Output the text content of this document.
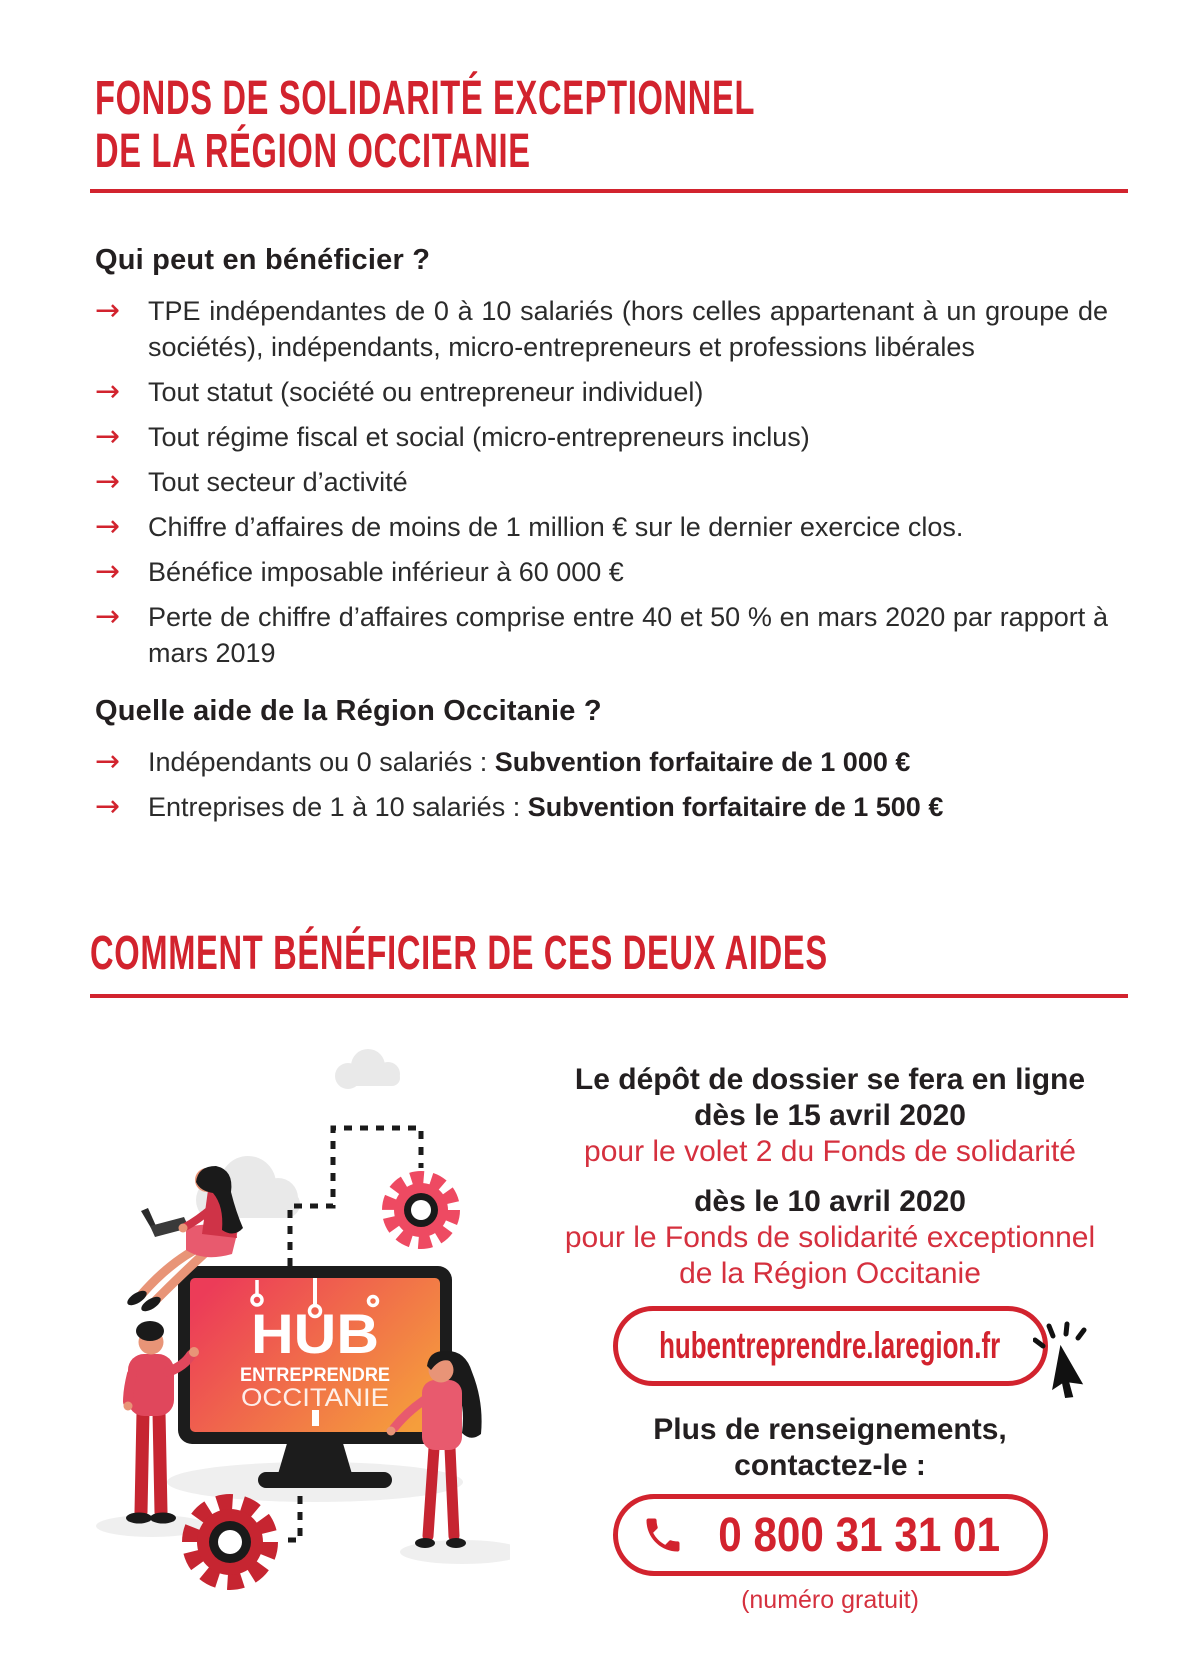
FONDS DE SOLIDARITÉ EXCEPTIONNEL
DE LA RÉGION OCCITANIE
Qui peut en bénéficier ?
→	TPE indépendantes de 0 à 10 salariés (hors celles appartenant à un groupe de sociétés), indépendants, micro-entrepreneurs et professions libérales
→	Tout statut (société ou entrepreneur individuel)
→	Tout régime fiscal et social (micro-entrepreneurs inclus)
→	Tout secteur d’activité
→	Chiffre d’affaires de moins de 1 million € sur le dernier exercice clos.
→	Bénéfice imposable inférieur à 60 000 €
→	Perte de chiffre d’affaires comprise entre 40 et 50 % en mars 2020 par rapport à mars 2019
Quelle aide de la Région Occitanie ?
→	Indépendants ou 0 salariés : Subvention forfaitaire de 1 000 €
→	Entreprises de 1 à 10 salariés : Subvention forfaitaire de 1 500 €
COMMENT BÉNÉFICIER DE CES DEUX AIDES
HUB
ENTREPRENDRE
OCCITANIE
Le dépôt de dossier se fera en ligne
dès le 15 avril 2020
pour le volet 2 du Fonds de solidarité
dès le 10 avril 2020
pour le Fonds de solidarité exceptionnel
de la Région Occitanie
hubentreprendre.laregion.fr
Plus de renseignements,
contactez-le :
0 800 31 31 01
(numéro gratuit)
